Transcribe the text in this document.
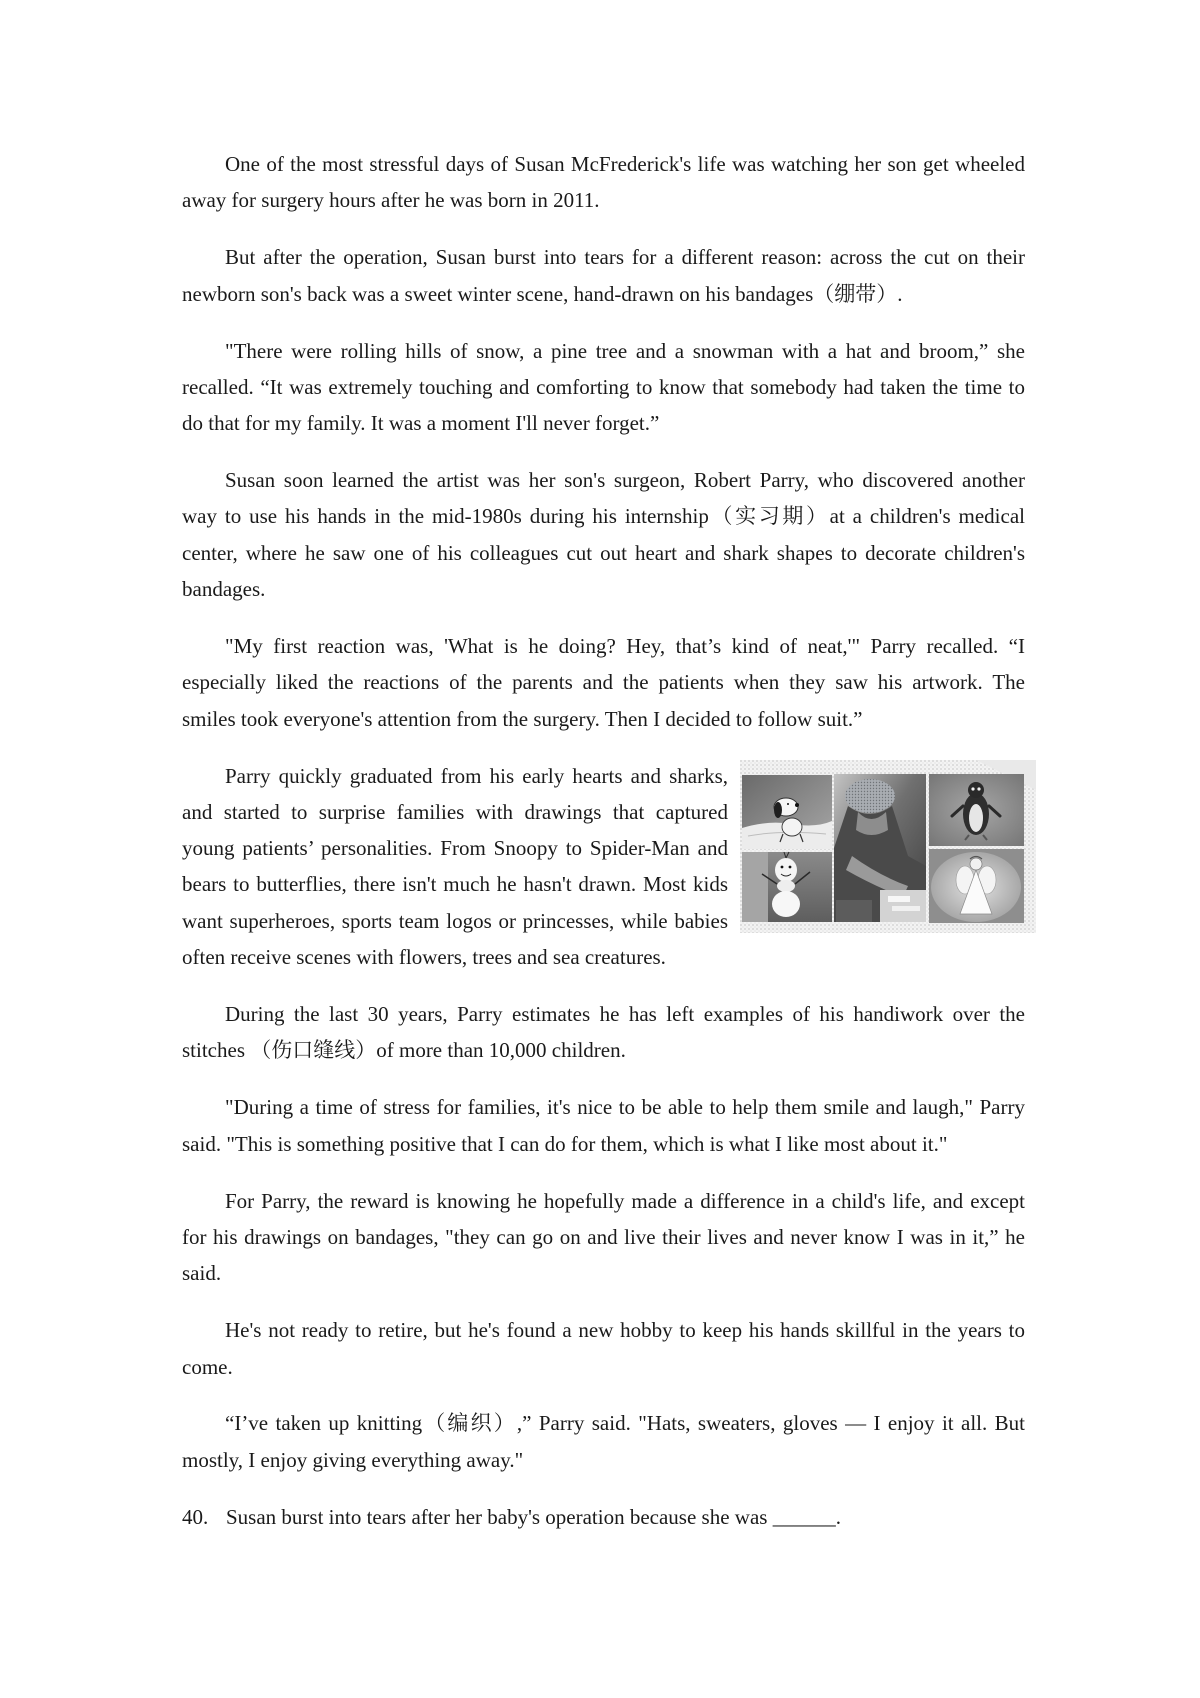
One of the most stressful days of Susan McFrederick's life was watching her son get wheeled
away for surgery hours after he was born in 2011.
But after the operation, Susan burst into tears for a different reason: across the cut on their
newborn son's back was a sweet winter scene, hand-drawn on his bandages（绷带）.
"There were rolling hills of snow, a pine tree and a snowman with a hat and broom,” she
recalled. “It was extremely touching and comforting to know that somebody had taken the time to
do that for my family. It was a moment I'll never forget.”
Susan soon learned the artist was her son's surgeon, Robert Parry, who discovered another
way to use his hands in the mid-1980s during his internship（实习期）at a children's medical
center, where he saw one of his colleagues cut out heart and shark shapes to decorate children's
bandages.
"My first reaction was, 'What is he doing? Hey, that’s kind of neat,'" Parry recalled. “I
especially liked the reactions of the parents and the patients when they saw his artwork. The
smiles took everyone's attention from the surgery. Then I decided to follow suit.”
Parry quickly graduated from his early hearts and sharks,
and started to surprise families with drawings that captured
young patients’ personalities. From Snoopy to Spider-Man and
bears to butterflies, there isn't much he hasn't drawn. Most kids
want superheroes, sports team logos or princesses, while babies
often receive scenes with flowers, trees and sea creatures.
During the last 30 years, Parry estimates he has left examples of his handiwork over the
stitches （伤口缝线）of more than 10,000 children.
"During a time of stress for families, it's nice to be able to help them smile and laugh," Parry
said. "This is something positive that I can do for them, which is what I like most about it."
For Parry, the reward is knowing he hopefully made a difference in a child's life, and except
for his drawings on bandages, "they can go on and live their lives and never know I was in it,” he
said.
He's not ready to retire, but he's found a new hobby to keep his hands skillful in the years to
come.
“I’ve taken up knitting（编织）,” Parry said. "Hats, sweaters, gloves — I enjoy it all. But
mostly, I enjoy giving everything away."
40. Susan burst into tears after her baby's operation because she was ______.
